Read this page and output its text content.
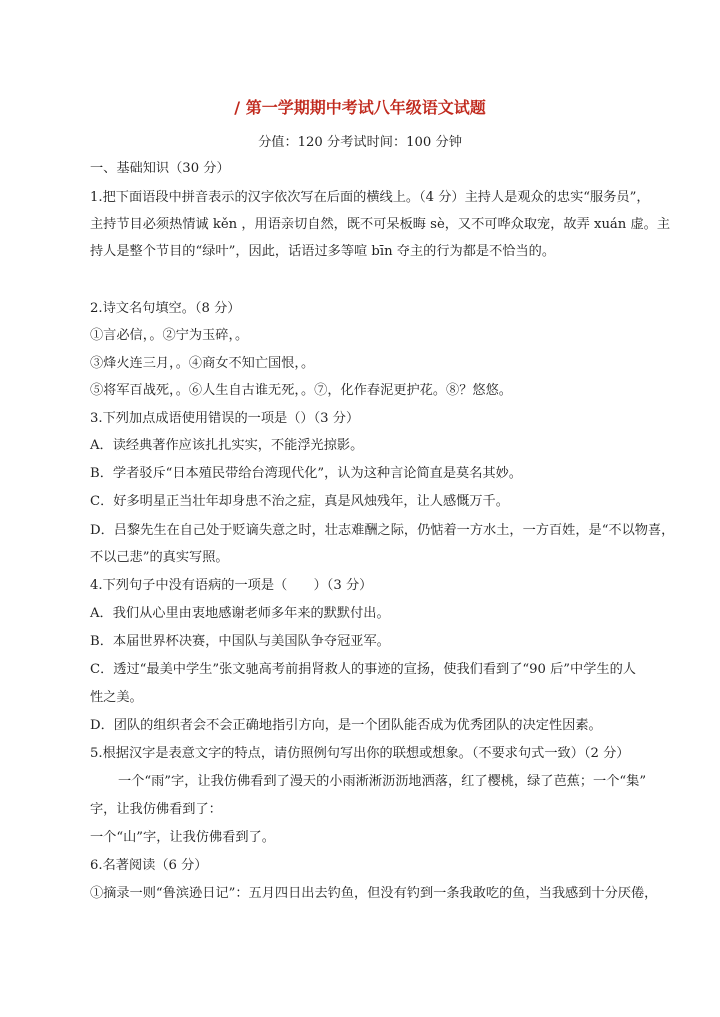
/ 第一学期期中考试八年级语文试题
分值：120 分考试时间：100 分钟
一、基础知识（30 分）
1.把下面语段中拼音表示的汉字依次写在后面的横线上。（4 分）主持人是观众的忠实“服务员”，
主持节目必须热情诚 kěn ，用语亲切自然，既不可呆板晦 sè，又不可哗众取宠，故弄 xuán 虚。主
持人是整个节目的“绿叶”，因此，话语过多等喧 bīn 夺主的行为都是不恰当的。
2.诗文名句填空。（8 分）
①言必信，。②宁为玉碎，。
③烽火连三月，。④商女不知亡国恨，。
⑤将军百战死，。⑥人生自古谁无死，。⑦，化作春泥更护花。⑧？悠悠。
3.下列加点成语使用错误的一项是（）（3 分）
A．读经典著作应该扎扎实实，不能浮光掠影。
B．学者驳斥“日本殖民带给台湾现代化”，认为这种言论简直是莫名其妙。
C．好多明星正当壮年却身患不治之症，真是风烛残年，让人感慨万千。
D．吕黎先生在自己处于贬谪失意之时，壮志难酬之际，仍惦着一方水土，一方百姓，是“不以物喜，
不以己悲”的真实写照。
4.下列句子中没有语病的一项是（　　）（3 分）
A．我们从心里由衷地感谢老师多年来的默默付出。
B．本届世界杯决赛，中国队与美国队争夺冠亚军。
C．透过“最美中学生”张文驰高考前捐肾救人的事迹的宣扬，使我们看到了“90 后”中学生的人
性之美。
D．团队的组织者会不会正确地指引方向，是一个团队能否成为优秀团队的决定性因素。
5.根据汉字是表意文字的特点，请仿照例句写出你的联想或想象。（不要求句式一致）（2 分）
一个“雨”字，让我仿佛看到了漫天的小雨淅淅沥沥地洒落，红了樱桃，绿了芭蕉；一个“集”
字，让我仿佛看到了：
一个“山”字，让我仿佛看到了。
6.名著阅读（6 分）
①摘录一则“鲁滨逊日记”：五月四日出去钓鱼，但没有钓到一条我敢吃的鱼，当我感到十分厌倦，
